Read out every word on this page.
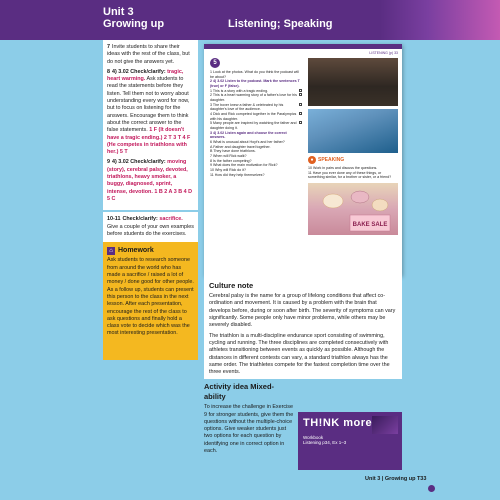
Unit 3
Growing up	Listening; Speaking

7 Invite students to share their ideas with the rest of the class, but do not give the answers yet.

8 4) 3.02 Check/clarify: tragic, heart warming. Ask students to read the statements before they listen. Tell them not to worry about understanding every word for now, but to focus on listening for the answers. Encourage them to think about the correct answer to the false statements. 1 F (It doesn't have a tragic ending.) 2 T 3 T 4 F (He competes in triathlons with her.) 5 T

9 4) 3.02 Check/clarify: moving (story), cerebral palsy, devoted, triathlons, heavy smoker, a buggy, diagnosed, sprint, intense, devotion. 1 B 2 A 3 B 4 D 5 C

10-11 Check/clarify: sacrifice. Give a couple of your own examples before students do the exercises.

⌂ Homework

Ask students to research someone from around the world who has made a sacrifice / raised a lot of money / done good for other people. As a follow up, students can present this person to the class in the next lesson. After each presentation, encourage the rest of the class to ask questions and finally hold a class vote to decide which was the most interesting presentation.

LISTENING (p) 33
5

1 Look at the photos. What do you think the podcast will be about?

2 4) 3.02 Listen to the podcast. Mark the sentences T (true) or F (false).

1 This is a story with a tragic ending.
2 This is a heart warming story of a father's love for his daughter.
3 The boxer knew a father & celebrated by his daughter's love of the audience.
4 Dick and Rick competed together in the Paralympics with his daughter.
5 Many people are inspired by watching the father and daughter doing it.

3 4) 3.02 Listen again and choose the correct answers.

6 What is unusual about Hoyt's and her father?

A Father and daughter travel together.

B They have done triathlons.

7 When will Rick walk?

8 Is the father competing?

9 What does the main motivation for Rick?

10 Why will Rick do it?

11 How did they help themselves?

● SPEAKING

10 Work in pairs and discuss the questions.

11 Have you ever done any of these things, or something similar, for a brother or sister, or a friend?

BAKE SALE
Culture note

Cerebral palsy is the name for a group of lifelong conditions that affect co-ordination and movement. It is caused by a problem with the brain that develops before, during or soon after birth. The severity of symptoms can vary significantly. Some people only have minor problems, while others may be severely disabled.

The triathlon is a multi-discipline endurance sport consisting of swimming, cycling and running. The three disciplines are completed consecutively with athletes transitioning between events as quickly as possible. Although the distances in different contests can vary, a standard triathlon always has the same order. The triathletes compete for the fastest completion time over the three events.

Activity idea Mixed-ability

To increase the challenge in Exercise 9 for stronger students, give them the questions without the multiple-choice options. Give weaker students just two options for each question by identifying one in correct option in each.

TH!NK more
Workbook
Listening p34, Ex 1–3
Unit 3 | Growing up T33
